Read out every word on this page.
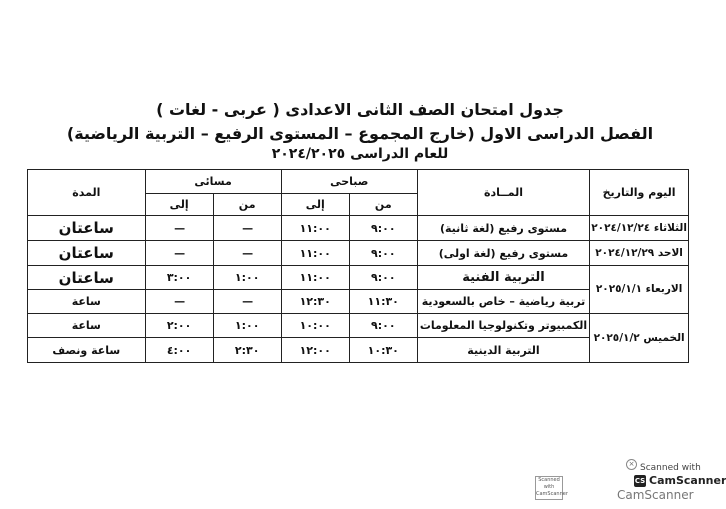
جدول امتحان الصف الثانى الاعدادى ( عربى - لغات )
الفصل الدراسى الاول (خارج المجموع – المستوى الرفيع – التربية الرياضية)
للعام الدراسى ٢٠٢٤/٢٠٢٥
اليوم والتاريخ	المــادة	صباحى		مسائى		المدة
		من	إلى	من	إلى	
الثلاثاء ٢٠٢٤/١٢/٢٤	مستوى رفيع (لغة ثانية)	٩:٠٠	١١:٠٠	—	—	ساعتان
الاحد ٢٠٢٤/١٢/٢٩	مستوى رفيع (لغة اولى)	٩:٠٠	١١:٠٠	—	—	ساعتان
الاربعاء ٢٠٢٥/١/١	التربية الفنية	٩:٠٠	١١:٠٠	١:٠٠	٣:٠٠	ساعتان
	تربية رياضية – خاص بالسعودية	١١:٣٠	١٢:٣٠	—	—	ساعة
الخميس ٢٠٢٥/١/٢	الكمبيوتر وتكنولوجيا المعلومات	٩:٠٠	١٠:٠٠	١:٠٠	٢:٠٠	ساعة
	التربية الدينية	١٠:٣٠	١٢:٠٠	٢:٣٠	٤:٠٠	ساعة ونصف
Scanned with CamScanner
× Scanned with
CS CamScanner
CamScanner
